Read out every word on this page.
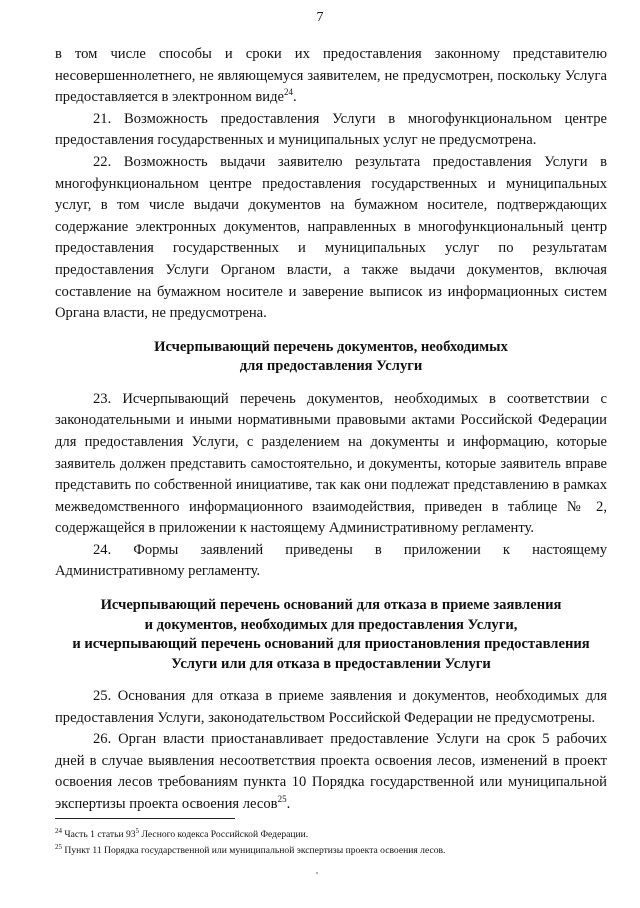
7

в том числе способы и сроки их предоставления законному представителю несовершеннолетнего, не являющемуся заявителем, не предусмотрен, поскольку Услуга предоставляется в электронном виде$^{24}$.

21. Возможность предоставления Услуги в многофункциональном центре предоставления государственных и муниципальных услуг не предусмотрена.

22. Возможность выдачи заявителю результата предоставления Услуги в многофункциональном центре предоставления государственных и муниципальных услуг, в том числе выдачи документов на бумажном носителе, подтверждающих содержание электронных документов, направленных в многофункциональный центр предоставления государственных и муниципальных услуг по результатам предоставления Услуги Органом власти, а также выдачи документов, включая составление на бумажном носителе и заверение выписок из информационных систем Органа власти, не предусмотрена.

Исчерпывающий перечень документов, необходимых
для предоставления Услуги

23. Исчерпывающий перечень документов, необходимых в соответствии с законодательными и иными нормативными правовыми актами Российской Федерации для предоставления Услуги, с разделением на документы и информацию, которые заявитель должен представить самостоятельно, и документы, которые заявитель вправе представить по собственной инициативе, так как они подлежат представлению в рамках межведомственного информационного взаимодействия, приведен в таблице № 2, содержащейся в приложении к настоящему Административному регламенту.

24. Формы заявлений приведены в приложении к настоящему Административному регламенту.

Исчерпывающий перечень оснований для отказа в приеме заявления
и документов, необходимых для предоставления Услуги,
и исчерпывающий перечень оснований для приостановления предоставления
Услуги или для отказа в предоставлении Услуги

25. Основания для отказа в приеме заявления и документов, необходимых для предоставления Услуги, законодательством Российской Федерации не предусмотрены.

26. Орган власти приостанавливает предоставление Услуги на срок 5 рабочих дней в случае выявления несоответствия проекта освоения лесов, изменений в проект освоения лесов требованиям пункта 10 Порядка государственной или муниципальной экспертизы проекта освоения лесов$^{25}$.

$^{24}$ Часть 1 статьи $93^5$ Лесного кодекса Российской Федерации.

$^{25}$ Пункт 11 Порядка государственной или муниципальной экспертизы проекта освоения лесов.
